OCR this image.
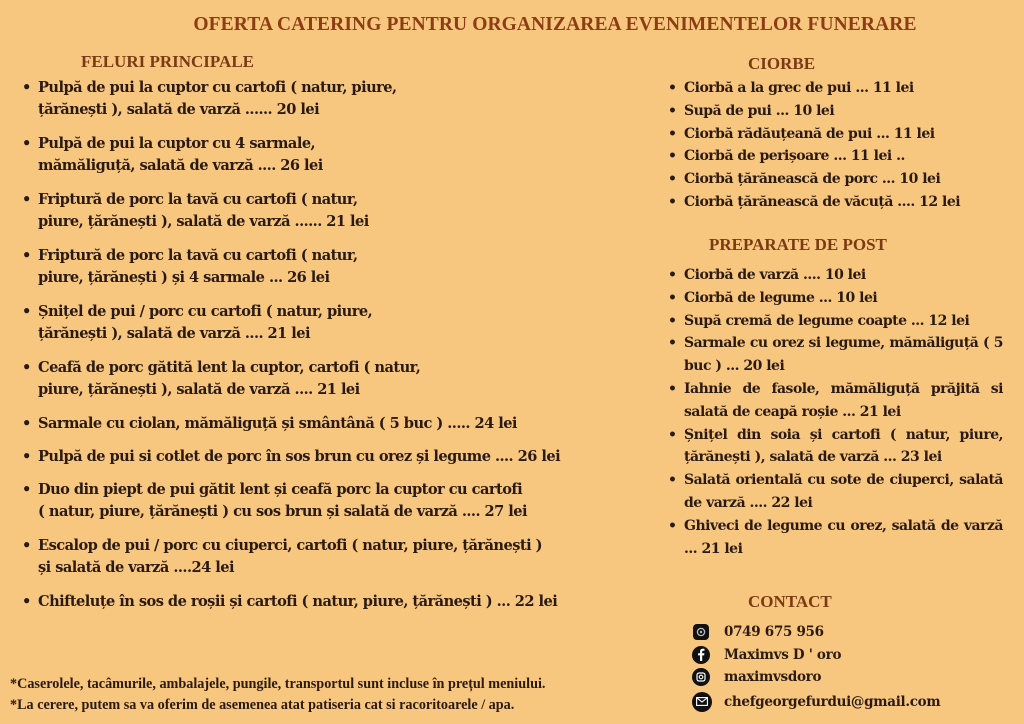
OFERTA CATERING PENTRU ORGANIZAREA EVENIMENTELOR FUNERARE
FELURI PRINCIPALE
• Pulpă de pui la cuptor cu cartofi ( natur, piure,
țărănești ), salată de varză ...... 20 lei
• Pulpă de pui la cuptor cu 4 sarmale,
mămăliguță, salată de varză .... 26 lei
• Friptură de porc la tavă cu cartofi ( natur,
piure, țărănești ), salată de varză ...... 21 lei
• Friptură de porc la tavă cu cartofi ( natur,
piure, țărănești ) și 4 sarmale ... 26 lei
• Șnițel de pui / porc cu cartofi ( natur, piure,
țărănești ), salată de varză .... 21 lei
• Ceafă de porc gătită lent la cuptor, cartofi ( natur,
piure, țărănești ), salată de varză .... 21 lei
• Sarmale cu ciolan, mămăliguță și smântână ( 5 buc ) ..... 24 lei
• Pulpă de pui si cotlet de porc în sos brun cu orez și legume .... 26 lei
• Duo din piept de pui gătit lent și ceafă porc la cuptor cu cartofi
( natur, piure, țărănești ) cu sos brun și salată de varză .... 27 lei
• Escalop de pui / porc cu ciuperci, cartofi ( natur, piure, țărănești )
și salată de varză ....24 lei
• Chifteluțe în sos de roșii și cartofi ( natur, piure, țărănești ) ... 22 lei
CIORBE
• Ciorbă a la grec de pui ... 11 lei
• Supă de pui ... 10 lei
• Ciorbă rădăuțeană de pui ... 11 lei
• Ciorbă de perișoare ... 11 lei ..
• Ciorbă țărănească de porc ... 10 lei
• Ciorbă țărănească de văcuță .... 12 lei
PREPARATE DE POST
• Ciorbă de varză .... 10 lei
• Ciorbă de legume ... 10 lei
• Supă cremă de legume coapte ... 12 lei
• Sarmale cu orez si legume, mămăliguță ( 5 buc ) ... 20 lei
• Iahnie de fasole, mămăliguță prăjită si salată de ceapă roșie ... 21 lei
• Șnițel din soia și cartofi ( natur, piure, țărănești ), salată de varză ... 23 lei
• Salată orientală cu sote de ciuperci, salată de varză .... 22 lei
• Ghiveci de legume cu orez, salată de varză ... 21 lei
CONTACT
0749 675 956
Maximvs D ' oro
maximvsdoro
chefgeorgefurdui@gmail.com
*Caserolele, tacâmurile, ambalajele, pungile, transportul sunt incluse în prețul meniului.
*La cerere, putem sa va oferim de asemenea atat patiseria cat si racoritoarele / apa.
